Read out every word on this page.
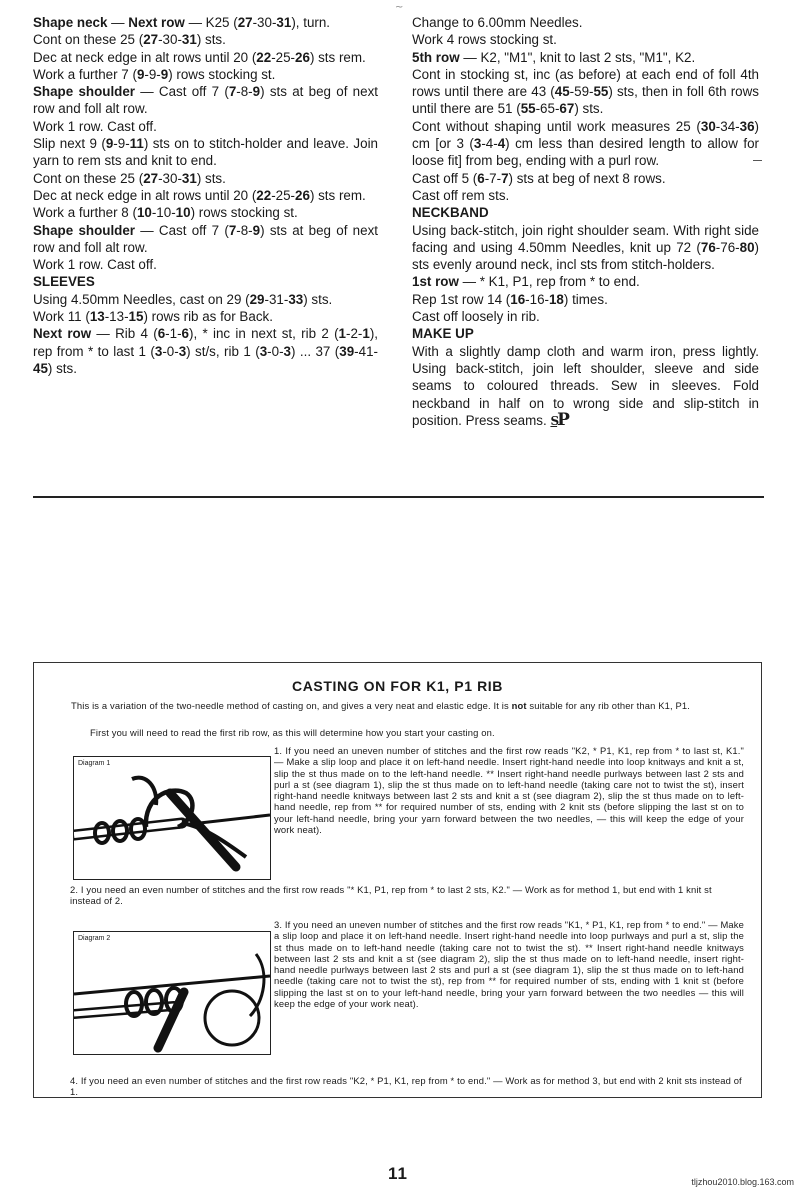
~

Shape neck — Next row — K25 (27-30-31), turn.

Cont on these 25 (27-30-31) sts.

Dec at neck edge in alt rows until 20 (22-25-26) sts rem.

Work a further 7 (9-9-9) rows stocking st.

Shape shoulder — Cast off 7 (7-8-9) sts at beg of next row and foll alt row.

Work 1 row. Cast off.

Slip next 9 (9-9-11) sts on to stitch-holder and leave. Join yarn to rem sts and knit to end.

Cont on these 25 (27-30-31) sts.

Dec at neck edge in alt rows until 20 (22-25-26) sts rem.

Work a further 8 (10-10-10) rows stocking st.

Shape shoulder — Cast off 7 (7-8-9) sts at beg of next row and foll alt row.

Work 1 row. Cast off.

SLEEVES

Using 4.50mm Needles, cast on 29 (29-31-33) sts.

Work 11 (13-13-15) rows rib as for Back.

Next row — Rib 4 (6-1-6), * inc in next st, rib 2 (1-2-1), rep from * to last 1 (3-0-3) st/s, rib 1 (3-0-3) ... 37 (39-41-45) sts.

Change to 6.00mm Needles.

Work 4 rows stocking st.

5th row — K2, "M1", knit to last 2 sts, "M1", K2.

Cont in stocking st, inc (as before) at each end of foll 4th rows until there are 43 (45-59-55) sts, then in foll 6th rows until there are 51 (55-65-67) sts.

Cont without shaping until work measures 25 (30-34-36) cm [or 3 (3-4-4) cm less than desired length to allow for loose fit] from beg, ending with a purl row.

Cast off 5 (6-7-7) sts at beg of next 8 rows.

Cast off rem sts.

NECKBAND

Using back-stitch, join right shoulder seam. With right side facing and using 4.50mm Needles, knit up 72 (76-76-80) sts evenly around neck, incl sts from stitch-holders.

1st row — * K1, P1, rep from * to end.

Rep 1st row 14 (16-16-18) times.

Cast off loosely in rib.

MAKE UP

With a slightly damp cloth and warm iron, press lightly. Using back-stitch, join left shoulder, sleeve and side seams to coloured threads. Sew in sleeves. Fold neckband in half on to wrong side and slip-stitch in position. Press seams. SP

CASTING ON FOR K1, P1 RIB

This is a variation of the two-needle method of casting on, and gives a very neat and elastic edge. It is not suitable for any rib other than K1, P1.

First you will need to read the first rib row, as this will determine how you start your casting on.

Diagram 1

1. If you need an uneven number of stitches and the first row reads "K2, * P1, K1, rep from * to last st, K1." — Make a slip loop and place it on left-hand needle. Insert right-hand needle into loop knitways and knit a st, slip the st thus made on to the left-hand needle. ** Insert right-hand needle purlways between last 2 sts and purl a st (see diagram 1), slip the st thus made on to left-hand needle (taking care not to twist the st), insert right-hand needle knitways between last 2 sts and knit a st (see diagram 2), slip the st thus made on to left-hand needle, rep from ** for required number of sts, ending with 2 knit sts (before slipping the last st on to your left-hand needle, bring your yarn forward between the two needles, — this will keep the edge of your work neat).

2. I you need an even number of stitches and the first row reads "* K1, P1, rep from * to last 2 sts, K2." — Work as for method 1, but end with 1 knit st instead of 2.

Diagram 2

3. If you need an uneven number of stitches and the first row reads "K1, * P1, K1, rep from * to end." — Make a slip loop and place it on left-hand needle. Insert right-hand needle into loop purlways and purl a st, slip the st thus made on to left-hand needle (taking care not to twist the st). ** Insert right-hand needle knitways between last 2 sts and knit a st (see diagram 2), slip the st thus made on to left-hand needle, insert right-hand needle purlways between last 2 sts and purl a st (see diagram 1), slip the st thus made on to left-hand needle (taking care not to twist the st), rep from ** for required number of sts, ending with 1 knit st (before slipping the last st on to your left-hand needle, bring your yarn forward between the two needles — this will keep the edge of your work neat).

4. If you need an even number of stitches and the first row reads "K2, * P1, K1, rep from * to end." — Work as for method 3, but end with 2 knit sts instead of 1.

11	tljzhou2010.blog.163.com
